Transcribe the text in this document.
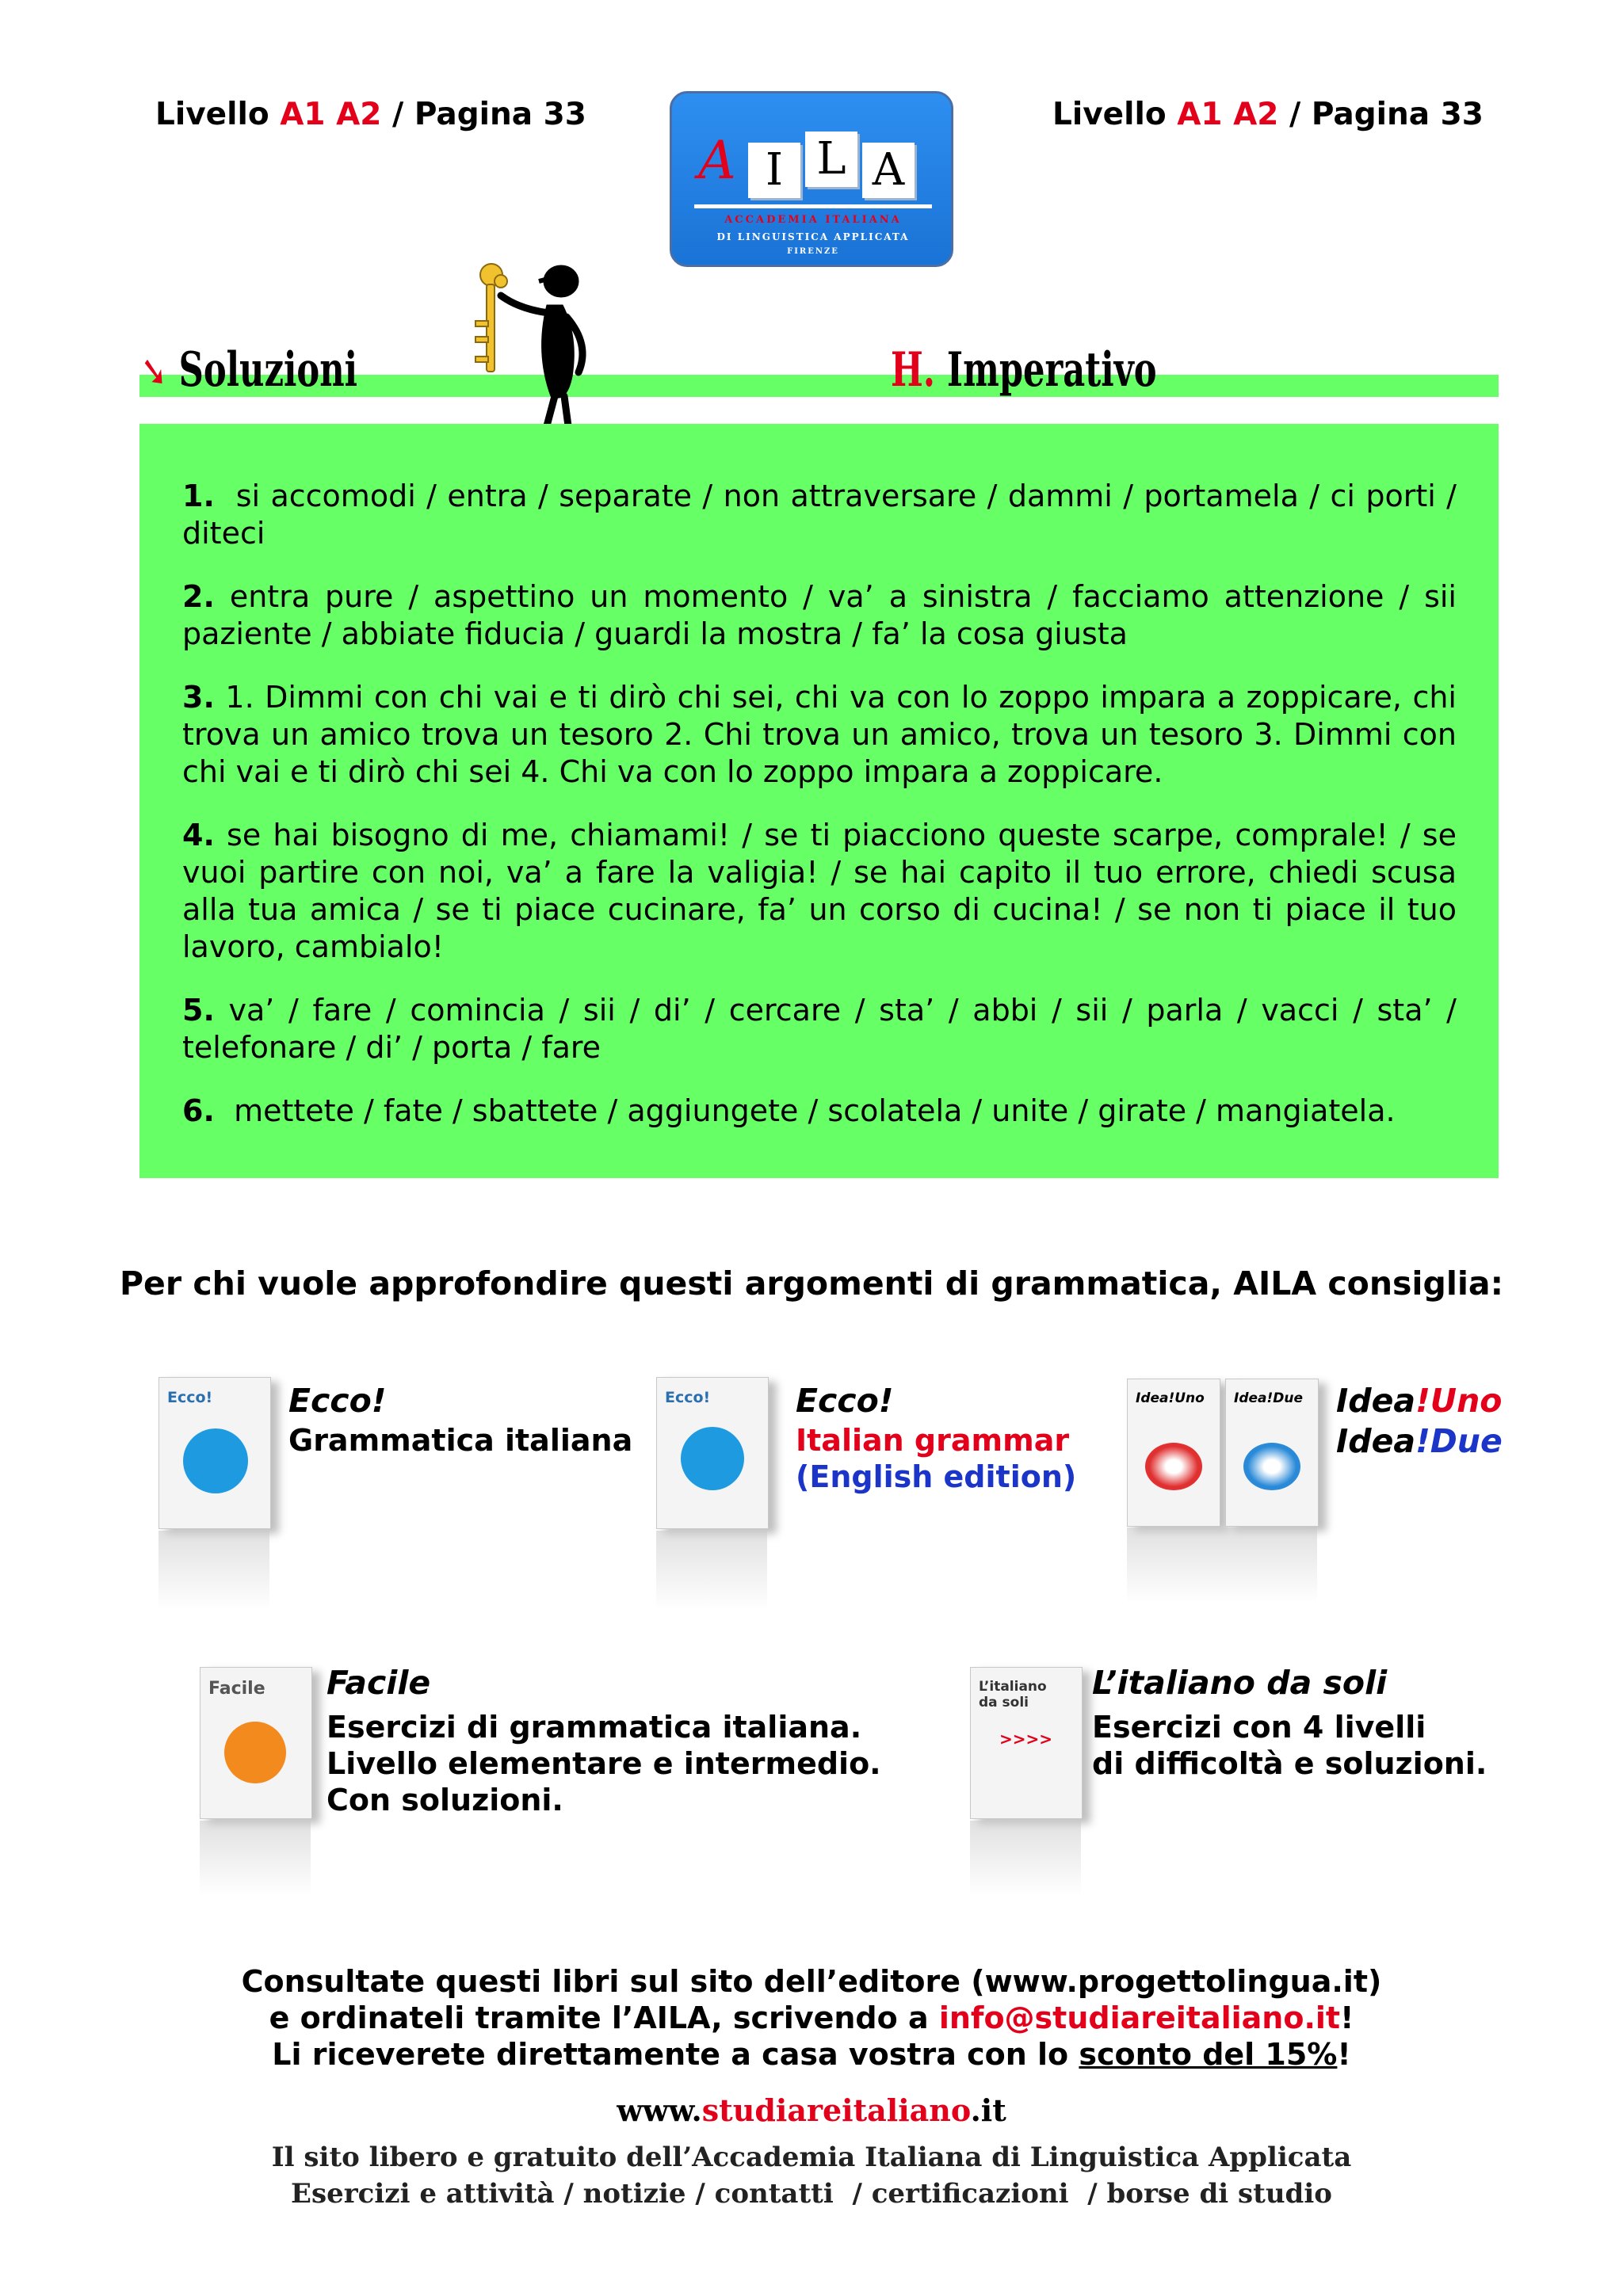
Livello A1 A2 / Pagina 33	Livello A1 A2 / Pagina 33
A I L A
ACCADEMIA ITALIANA
DI LINGUISTICA APPLICATA
FIRENZE
➘ Soluzioni	H. Imperativo

1. si accomodi / entra / separate / non attraversare / dammi / portamela / ci porti / diteci

2. entra pure / aspettino un momento / va’ a sinistra / facciamo attenzione / sii paziente / abbiate fiducia / guardi la mostra / fa’ la cosa giusta

3. 1. Dimmi con chi vai e ti dirò chi sei, chi va con lo zoppo impara a zoppicare, chi trova un amico trova un tesoro 2. Chi trova un amico, trova un tesoro 3. Dimmi con chi vai e ti dirò chi sei 4. Chi va con lo zoppo impara a zoppicare.

4. se hai bisogno di me, chiamami! / se ti piacciono queste scarpe, comprale! / se vuoi partire con noi, va’ a fare la valigia! / se hai capito il tuo errore, chiedi scusa alla tua amica / se ti piace cucinare, fa’ un corso di cucina! / se non ti piace il tuo lavoro, cambialo!

5. va’ / fare / comincia / sii / di’ / cercare / sta’ / abbi / sii / parla / vacci / sta’ / telefonare / di’ / porta / fare

6. mettete / fate / sbattete / aggiungete / scolatela / unite / girate / mangiatela.

Per chi vuole approfondire questi argomenti di grammatica, AILA consiglia:
Ecco! Ecco!
Grammatica italiana
Ecco!	Ecco!
Italian grammar
(English edition)
Idea!Uno Idea!Due Idea!Uno
Idea!Due
Facile Facile
Esercizi di grammatica italiana.
Livello elementare e intermedio.
Con soluzioni.
L’italiano da soli
>>>>
L’italiano da soli
Esercizi con 4 livelli
di difficoltà e soluzioni.
Consultate questi libri sul sito dell’editore (www.progettolingua.it)
e ordinateli tramite l’AILA, scrivendo a info@studiareitaliano.it!
Li riceverete direttamente a casa vostra con lo sconto del 15%!
www.studiareitaliano.it
Il sito libero e gratuito dell’Accademia Italiana di Linguistica Applicata
Esercizi e attività / notizie / contatti  / certificazioni  / borse di studio
